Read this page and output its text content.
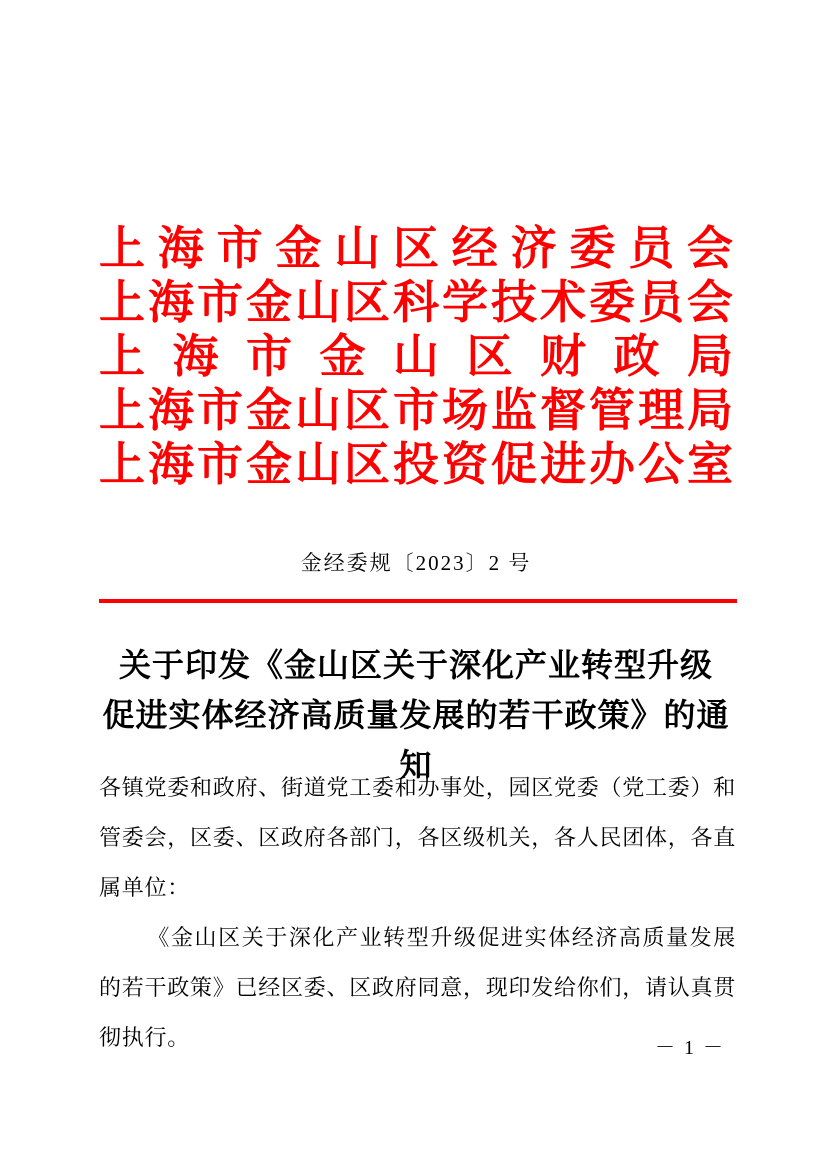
上海市金山区经济委员会
上海市金山区科学技术委员会
上海市金山区财政局
上海市金山区市场监督管理局
上海市金山区投资促进办公室
金经委规〔2023〕2 号
关于印发《金山区关于深化产业转型升级
促进实体经济高质量发展的若干政策》的通知

各镇党委和政府、街道党工委和办事处，园区党委（党工委）和管委会，区委、区政府各部门，各区级机关，各人民团体，各直属单位：

《金山区关于深化产业转型升级促进实体经济高质量发展的若干政策》已经区委、区政府同意，现印发给你们，请认真贯彻执行。	－ 1 －
